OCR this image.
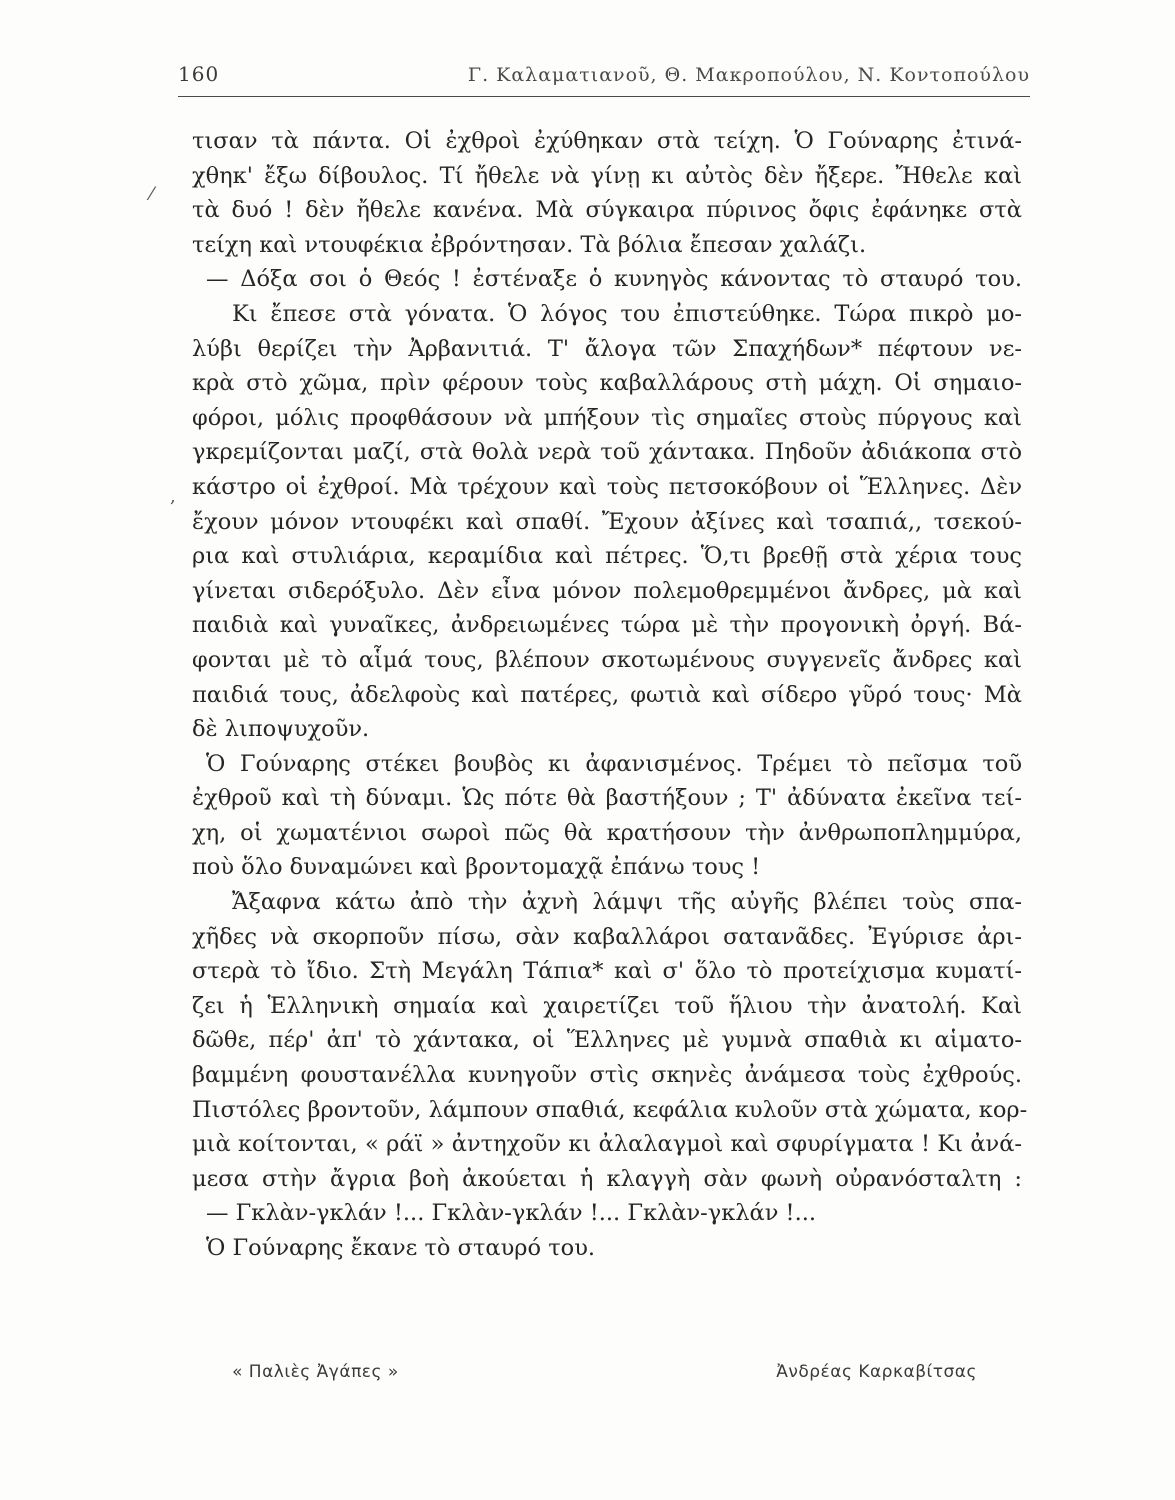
160	Γ. Καλαματιανοῦ, Θ. Μακροπούλου, Ν. Κοντοπούλου
⁄
,
τισαν τὰ πάντα. Οἱ ἐχθροὶ ἐχύθηκαν στὰ τείχη. Ὁ Γούναρης ἐτινά-
χθηκ' ἔξω δίβουλος. Τί ἤθελε νὰ γίνῃ κι αὐτὸς δὲν ἤξερε. Ἤθελε καὶ
τὰ δυό ! δὲν ἤθελε κανένα. Μὰ σύγκαιρα πύρινος ὄφις ἐφάνηκε στὰ
τείχη καὶ ντουφέκια ἐβρόντησαν. Τὰ βόλια ἔπεσαν χαλάζι.
— Δόξα σοι ὁ Θεός ! ἐστέναξε ὁ κυνηγὸς κάνοντας τὸ σταυρό του.
Κι ἔπεσε στὰ γόνατα. Ὁ λόγος του ἐπιστεύθηκε. Τώρα πικρὸ μο-
λύβι θερίζει τὴν Ἀρβανιτιά. Τ' ἄλογα τῶν Σπαχήδων* πέφτουν νε-
κρὰ στὸ χῶμα, πρὶν φέρουν τοὺς καβαλλάρους στὴ μάχη. Οἱ σημαιο-
φόροι, μόλις προφθάσουν νὰ μπήξουν τὶς σημαῖες στοὺς πύργους καὶ
γκρεμίζονται μαζί, στὰ θολὰ νερὰ τοῦ χάντακα. Πηδοῦν ἀδιάκοπα στὸ
κάστρο οἱ ἐχθροί. Μὰ τρέχουν καὶ τοὺς πετσοκόβουν οἱ Ἕλληνες. Δὲν
ἔχουν μόνον ντουφέκι καὶ σπαθί. Ἔχουν ἀξίνες καὶ τσαπιά,, τσεκού-
ρια καὶ στυλιάρια, κεραμίδια καὶ πέτρες. Ὅ,τι βρεθῇ στὰ χέρια τους
γίνεται σιδερόξυλο. Δὲν εἶνα μόνον πολεμοθρεμμένοι ἄνδρες, μὰ καὶ
παιδιὰ καὶ γυναῖκες, ἀνδρειωμένες τώρα μὲ τὴν προγονικὴ ὀργή. Βά-
φονται μὲ τὸ αἷμά τους, βλέπουν σκοτωμένους συγγενεῖς ἄνδρες καὶ
παιδιά τους, ἀδελφοὺς καὶ πατέρες, φωτιὰ καὶ σίδερο γῦρό τους· Μὰ
δὲ λιποψυχοῦν.
Ὁ Γούναρης στέκει βουβὸς κι ἀφανισμένος. Τρέμει τὸ πεῖσμα τοῦ
ἐχθροῦ καὶ τὴ δύναμι. Ὡς πότε θὰ βαστήξουν ; Τ' ἀδύνατα ἐκεῖνα τεί-
χη, οἱ χωματένιοι σωροὶ πῶς θὰ κρατήσουν τὴν ἀνθρωποπλημμύρα,
ποὺ ὅλο δυναμώνει καὶ βροντομαχᾷ ἐπάνω τους !
Ἄξαφνα κάτω ἀπὸ τὴν ἀχνὴ λάμψι τῆς αὐγῆς βλέπει τοὺς σπα-
χῆδες νὰ σκορποῦν πίσω, σὰν καβαλλάροι σατανᾶδες. Ἐγύρισε ἀρι-
στερὰ τὸ ἴδιο. Στὴ Μεγάλη Τάπια* καὶ σ' ὅλο τὸ προτείχισμα κυματί-
ζει ἡ Ἑλληνικὴ σημαία καὶ χαιρετίζει τοῦ ἥλιου τὴν ἀνατολή. Καὶ
δῶθε, πέρ' ἀπ' τὸ χάντακα, οἱ Ἕλληνες μὲ γυμνὰ σπαθιὰ κι αἱματο-
βαμμένη φουστανέλλα κυνηγοῦν στὶς σκηνὲς ἀνάμεσα τοὺς ἐχθρούς.
Πιστόλες βροντοῦν, λάμπουν σπαθιά, κεφάλια κυλοῦν στὰ χώματα, κορ-
μιὰ κοίτονται, « ράϊ » ἀντηχοῦν κι ἀλαλαγμοὶ καὶ σφυρίγματα ! Κι ἀνά-
μεσα στὴν ἄγρια βοὴ ἀκούεται ἡ κλαγγὴ σὰν φωνὴ οὐρανόσταλτη :
— Γκλὰν-γκλάν !... Γκλὰν-γκλάν !... Γκλὰν-γκλάν !...
Ὁ Γούναρης ἔκανε τὸ σταυρό του.
« Παλιὲς Ἀγάπες »	Ἀνδρέας Καρκαβίτσας
